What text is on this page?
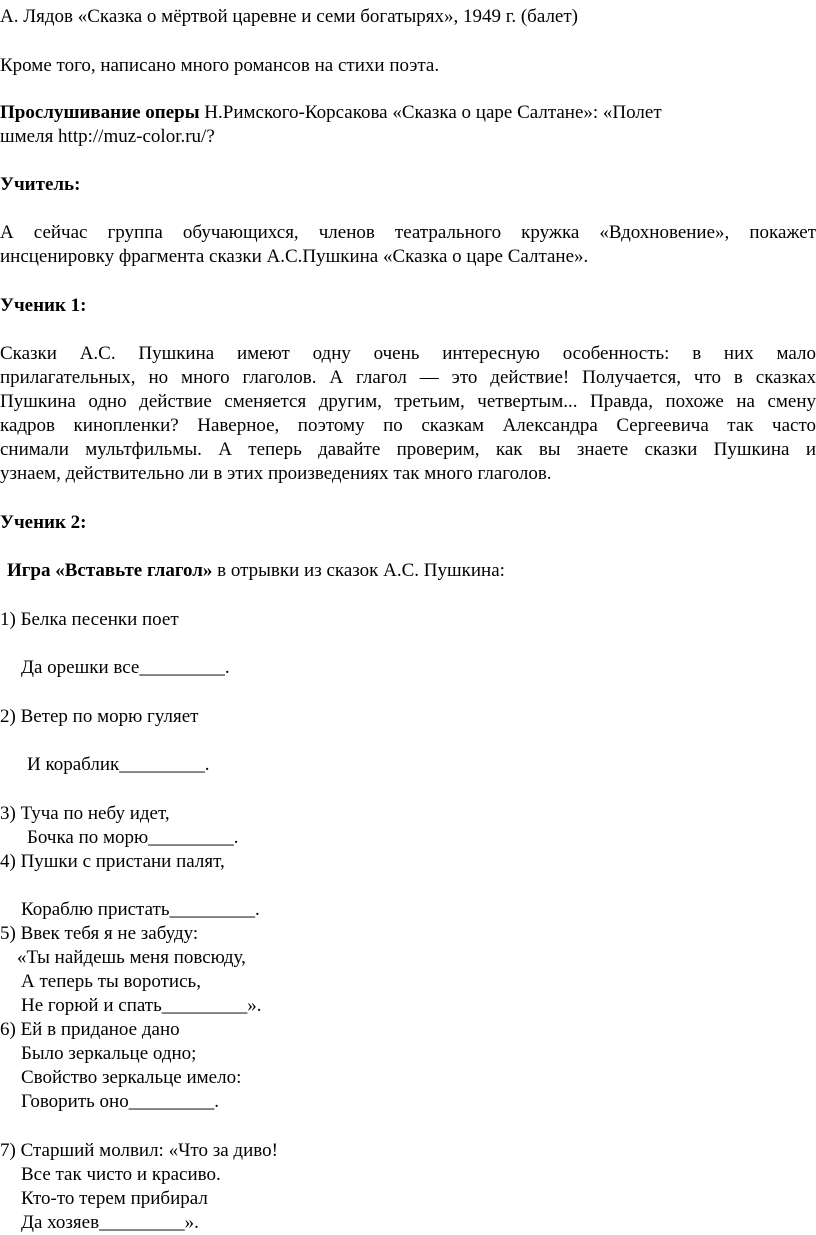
А. Лядов «Сказка о мёртвой царевне и семи богатырях», 1949 г. (балет)
Кроме того, написано много романсов на стихи поэта.
Прослушивание оперы Н.Римского-Корсакова «Сказка о царе Салтане»: «Полет
шмеля http://muz-color.ru/?
Учитель:
А сейчас группа обучающихся, членов театрального кружка «Вдохновение», покажет
инсценировку фрагмента сказки А.С.Пушкина «Сказка о царе Салтане».
Ученик 1:
Сказки А.С. Пушкина имеют одну очень интересную особенность: в них мало
прилагательных, но много глаголов. А глагол — это действие! Получается, что в сказках
Пушкина одно действие сменяется другим, третьим, четвертым... Правда, похоже на смену
кадров кинопленки? Наверное, поэтому по сказкам Александра Сергеевича так часто
снимали мультфильмы. А теперь давайте проверим, как вы знаете сказки Пушкина и
узнаем, действительно ли в этих произведениях так много глаголов.
Ученик 2:
Игра «Вставьте глагол» в отрывки из сказок А.С. Пушкина:
1) Белка песенки поет
Да орешки все_________.
2) Ветер по морю гуляет
И кораблик_________.
3) Туча по небу идет,
Бочка по морю_________.
4) Пушки с пристани палят,
Кораблю пристать_________.
5) Ввек тебя я не забуду:
«Ты найдешь меня повсюду,
А теперь ты воротись,
Не горюй и спать_________».
6) Ей в приданое дано
Было зеркальце одно;
Свойство зеркальце имело:
Говорить оно_________.
7) Старший молвил: «Что за диво!
Все так чисто и красиво.
Кто-то терем прибирал
Да хозяев_________».
